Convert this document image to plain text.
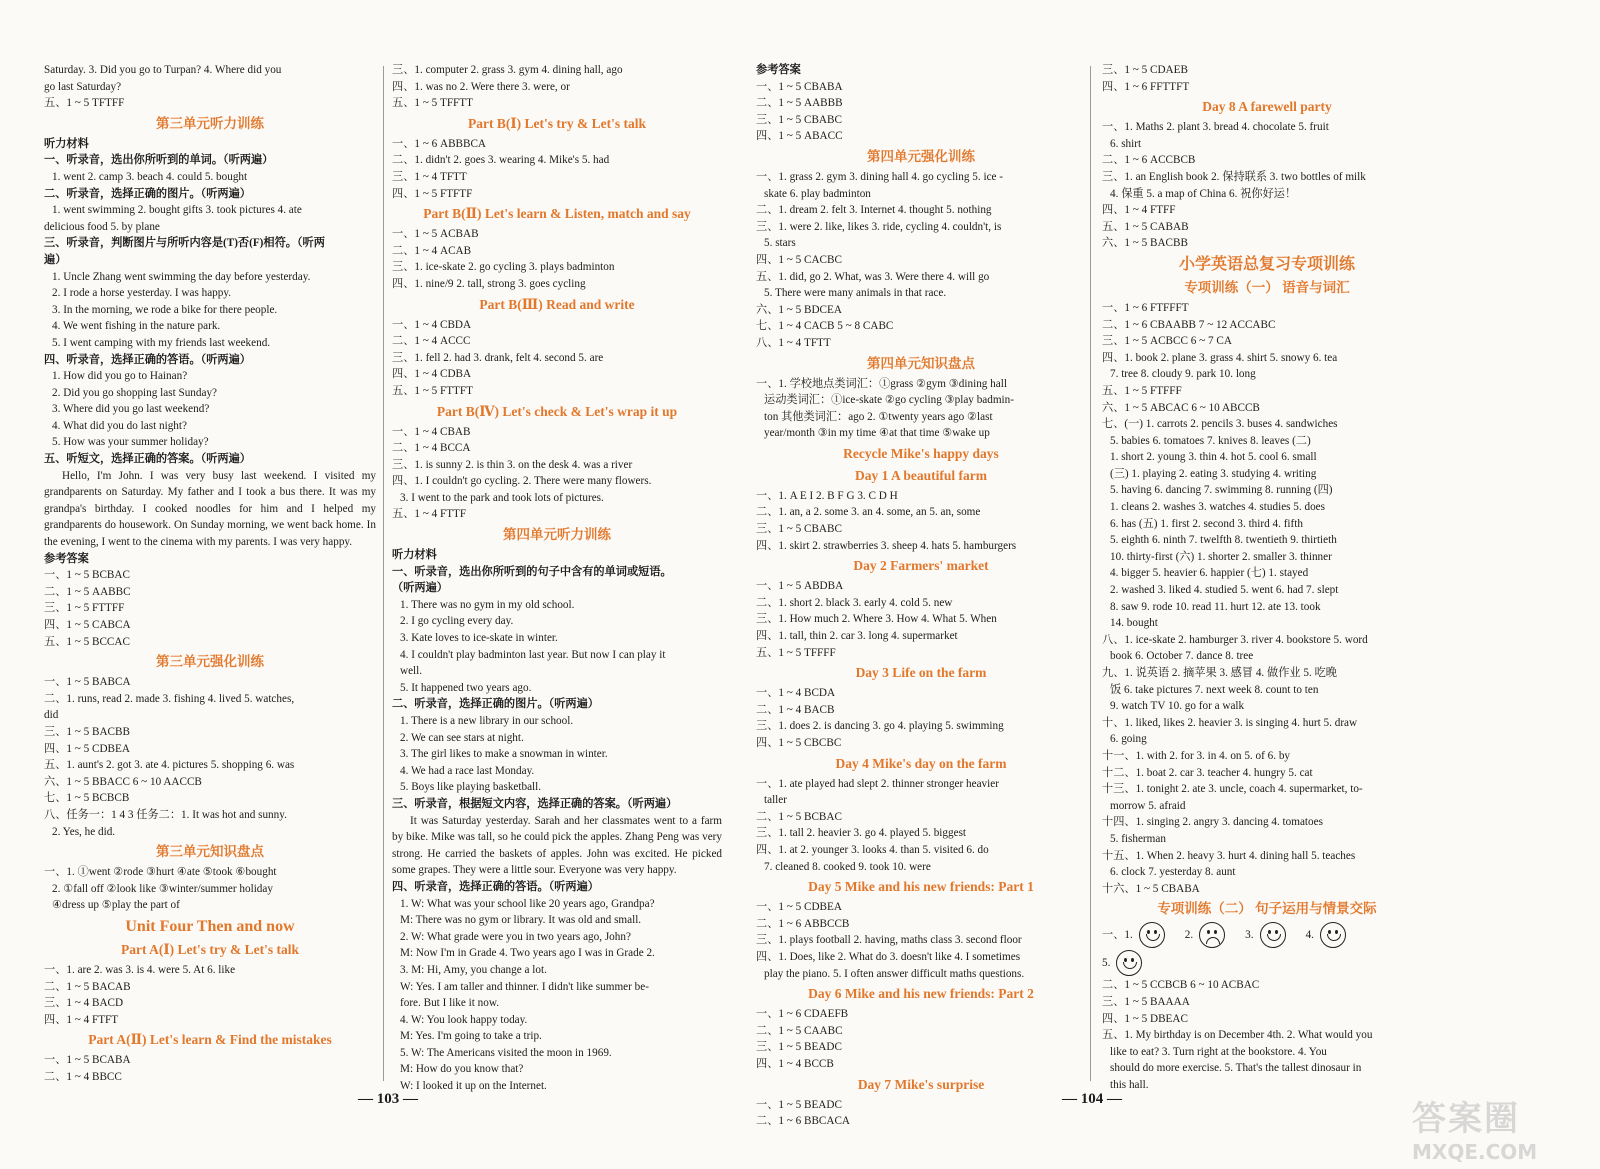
Saturday. 3. Did you go to Turpan? 4. Where did you
go last Saturday?
五、1 ~ 5 TFTFF
第三单元听力训练
听力材料
一、听录音，选出你所听到的单词。（听两遍）
1. went 2. camp 3. beach 4. could 5. bought
二、听录音，选择正确的图片。（听两遍）
1. went swimming 2. bought gifts 3. took pictures 4. ate
delicious food 5. by plane
三、听录音，判断图片与所听内容是(T)否(F)相符。（听两
遍）
1. Uncle Zhang went swimming the day before yesterday.
2. I rode a horse yesterday. I was happy.
3. In the morning, we rode a bike for there people.
4. We went fishing in the nature park.
5. I went camping with my friends last weekend.
四、听录音，选择正确的答语。（听两遍）
1. How did you go to Hainan?
2. Did you go shopping last Sunday?
3. Where did you go last weekend?
4. What did you do last night?
5. How was your summer holiday?
五、听短文，选择正确的答案。（听两遍）
Hello, I'm John. I was very busy last weekend. I visited my grandparents on Saturday. My father and I took a bus there. It was my grandpa's birthday. I cooked noodles for him and I helped my grandparents do housework. On Sunday morning, we went back home. In the evening, I went to the cinema with my parents. I was very happy.
参考答案
一、1 ~ 5 BCBAC
二、1 ~ 5 AABBC
三、1 ~ 5 FTTFF
四、1 ~ 5 CABCA
五、1 ~ 5 BCCAC
第三单元强化训练
一、1 ~ 5 BABCA
二、1. runs, read 2. made 3. fishing 4. lived 5. watches,
did
三、1 ~ 5 BACBB
四、1 ~ 5 CDBEA
五、1. aunt's 2. got 3. ate 4. pictures 5. shopping 6. was
六、1 ~ 5 BBACC 6 ~ 10 AACCB
七、1 ~ 5 BCBCB
八、任务一：1 4 3 任务二：1. It was hot and sunny.
2. Yes, he did.
第三单元知识盘点
一、1. ①went ②rode ③hurt ④ate ⑤took ⑥bought
2. ①fall off ②look like ③winter/summer holiday
④dress up ⑤play the part of
Unit Four Then and now
Part A(Ⅰ) Let's try & Let's talk
一、1. are 2. was 3. is 4. were 5. At 6. like
二、1 ~ 5 BACAB
三、1 ~ 4 BACD
四、1 ~ 4 FTFT
Part A(Ⅱ) Let's learn & Find the mistakes
一、1 ~ 5 BCABA
二、1 ~ 4 BBCC
三、1. computer 2. grass 3. gym 4. dining hall, ago
四、1. was no 2. Were there 3. were, or
五、1 ~ 5 TFFTT
Part B(Ⅰ) Let's try & Let's talk
一、1 ~ 6 ABBBCA
二、1. didn't 2. goes 3. wearing 4. Mike's 5. had
三、1 ~ 4 TFTT
四、1 ~ 5 FTFTF
Part B(Ⅱ) Let's learn & Listen, match and say
一、1 ~ 5 ACBAB
二、1 ~ 4 ACAB
三、1. ice-skate 2. go cycling 3. plays badminton
四、1. nine/9 2. tall, strong 3. goes cycling
Part B(Ⅲ) Read and write
一、1 ~ 4 CBDA
二、1 ~ 4 ACCC
三、1. fell 2. had 3. drank, felt 4. second 5. are
四、1 ~ 4 CDBA
五、1 ~ 5 FTTFT
Part B(Ⅳ) Let's check & Let's wrap it up
一、1 ~ 4 CBAB
二、1 ~ 4 BCCA
三、1. is sunny 2. is thin 3. on the desk 4. was a river
四、1. I couldn't go cycling. 2. There were many flowers.
3. I went to the park and took lots of pictures.
五、1 ~ 4 FTTF
第四单元听力训练
听力材料
一、听录音，选出你所听到的句子中含有的单词或短语。
（听两遍）
1. There was no gym in my old school.
2. I go cycling every day.
3. Kate loves to ice-skate in winter.
4. I couldn't play badminton last year. But now I can play it
well.
5. It happened two years ago.
二、听录音，选择正确的图片。（听两遍）
1. There is a new library in our school.
2. We can see stars at night.
3. The girl likes to make a snowman in winter.
4. We had a race last Monday.
5. Boys like playing basketball.
三、听录音，根据短文内容，选择正确的答案。（听两遍）
It was Saturday yesterday. Sarah and her classmates went to a farm by bike. Mike was tall, so he could pick the apples. Zhang Peng was very strong. He carried the baskets of apples. John was excited. He picked some grapes. They were a little sour. Everyone was very happy.
四、听录音，选择正确的答语。（听两遍）
1. W: What was your school like 20 years ago, Grandpa?
M: There was no gym or library. It was old and small.
2. W: What grade were you in two years ago, John?
M: Now I'm in Grade 4. Two years ago I was in Grade 2.
3. M: Hi, Amy, you change a lot.
W: Yes. I am taller and thinner. I didn't like summer be-
fore. But I like it now.
4. W: You look happy today.
M: Yes. I'm going to take a trip.
5. W: The Americans visited the moon in 1969.
M: How do you know that?
W: I looked it up on the Internet.
参考答案
一、1 ~ 5 CBABA
二、1 ~ 5 AABBB
三、1 ~ 5 CBABC
四、1 ~ 5 ABACC
第四单元强化训练
一、1. grass 2. gym 3. dining hall 4. go cycling 5. ice -
skate 6. play badminton
二、1. dream 2. felt 3. Internet 4. thought 5. nothing
三、1. were 2. like, likes 3. ride, cycling 4. couldn't, is
5. stars
四、1 ~ 5 CACBC
五、1. did, go 2. What, was 3. Were there 4. will go
5. There were many animals in that race.
六、1 ~ 5 BDCEA
七、1 ~ 4 CACB 5 ~ 8 CABC
八、1 ~ 4 TFTT
第四单元知识盘点
一、1. 学校地点类词汇：①grass ②gym ③dining hall
运动类词汇：①ice-skate ②go cycling ③play badmin-
ton 其他类词汇：ago 2. ①twenty years ago ②last
year/month ③in my time ④at that time ⑤wake up
Recycle Mike's happy days
Day 1 A beautiful farm
一、1. A E I 2. B F G 3. C D H
二、1. an, a 2. some 3. an 4. some, an 5. an, some
三、1 ~ 5 CBABC
四、1. skirt 2. strawberries 3. sheep 4. hats 5. hamburgers
Day 2 Farmers' market
一、1 ~ 5 ABDBA
二、1. short 2. black 3. early 4. cold 5. new
三、1. How much 2. Where 3. How 4. What 5. When
四、1. tall, thin 2. car 3. long 4. supermarket
五、1 ~ 5 TFFFF
Day 3 Life on the farm
一、1 ~ 4 BCDA
二、1 ~ 4 BACB
三、1. does 2. is dancing 3. go 4. playing 5. swimming
四、1 ~ 5 CBCBC
Day 4 Mike's day on the farm
一、1. ate played had slept 2. thinner stronger heavier
taller
二、1 ~ 5 BCBAC
三、1. tall 2. heavier 3. go 4. played 5. biggest
四、1. at 2. younger 3. looks 4. than 5. visited 6. do
7. cleaned 8. cooked 9. took 10. were
Day 5 Mike and his new friends: Part 1
一、1 ~ 5 CDBEA
二、1 ~ 6 ABBCCB
三、1. plays football 2. having, maths class 3. second floor
四、1. Does, like 2. What do 3. doesn't like 4. I sometimes
play the piano. 5. I often answer difficult maths questions.
Day 6 Mike and his new friends: Part 2
一、1 ~ 6 CDAEFB
二、1 ~ 5 CAABC
三、1 ~ 5 BEADC
四、1 ~ 4 BCCB
Day 7 Mike's surprise
一、1 ~ 5 BEADC
二、1 ~ 6 BBCACA
三、1 ~ 5 CDAEB
四、1 ~ 6 FFTTFT
Day 8 A farewell party
一、1. Maths 2. plant 3. bread 4. chocolate 5. fruit
6. shirt
二、1 ~ 6 ACCBCB
三、1. an English book 2. 保持联系 3. two bottles of milk
4. 保重 5. a map of China 6. 祝你好运！
四、1 ~ 4 FTFF
五、1 ~ 5 CABAB
六、1 ~ 5 BACBB
小学英语总复习专项训练
专项训练（一） 语音与词汇
一、1 ~ 6 FTFFFT
二、1 ~ 6 CBAABB 7 ~ 12 ACCABC
三、1 ~ 5 ACBCC 6 ~ 7 CA
四、1. book 2. plane 3. grass 4. shirt 5. snowy 6. tea
7. tree 8. cloudy 9. park 10. long
五、1 ~ 5 FTFFF
六、1 ~ 5 ABCAC 6 ~ 10 ABCCB
七、(一) 1. carrots 2. pencils 3. buses 4. sandwiches
5. babies 6. tomatoes 7. knives 8. leaves (二)
1. short 2. young 3. thin 4. hot 5. cool 6. small
(三) 1. playing 2. eating 3. studying 4. writing
5. having 6. dancing 7. swimming 8. running (四)
1. cleans 2. washes 3. watches 4. studies 5. does
6. has (五) 1. first 2. second 3. third 4. fifth
5. eighth 6. ninth 7. twelfth 8. twentieth 9. thirtieth
10. thirty-first (六) 1. shorter 2. smaller 3. thinner
4. bigger 5. heavier 6. happier (七) 1. stayed
2. washed 3. liked 4. studied 5. went 6. had 7. slept
8. saw 9. rode 10. read 11. hurt 12. ate 13. took
14. bought
八、1. ice-skate 2. hamburger 3. river 4. bookstore 5. word
book 6. October 7. dance 8. tree
九、1. 说英语 2. 摘苹果 3. 感冒 4. 做作业 5. 吃晚
饭 6. take pictures 7. next week 8. count to ten
9. watch TV 10. go for a walk
十、1. liked, likes 2. heavier 3. is singing 4. hurt 5. draw
6. going
十一、1. with 2. for 3. in 4. on 5. of 6. by
十二、1. boat 2. car 3. teacher 4. hungry 5. cat
十三、1. tonight 2. ate 3. uncle, coach 4. supermarket, to-
morrow 5. afraid
十四、1. singing 2. angry 3. dancing 4. tomatoes
5. fisherman
十五、1. When 2. heavy 3. hurt 4. dining hall 5. teaches
6. clock 7. yesterday 8. aunt
十六、1 ~ 5 CBABA
专项训练（二） 句子运用与情景交际
一、1.	2.	3.	4.
5.
二、1 ~ 5 CCBCB 6 ~ 10 ACBAC
三、1 ~ 5 BAAAA
四、1 ~ 5 DBEAC
五、1. My birthday is on December 4th. 2. What would you
like to eat? 3. Turn right at the bookstore. 4. You
should do more exercise. 5. That's the tallest dinosaur in
this hall.
— 103 —	— 104 —	答案圈
MXQE.COM
